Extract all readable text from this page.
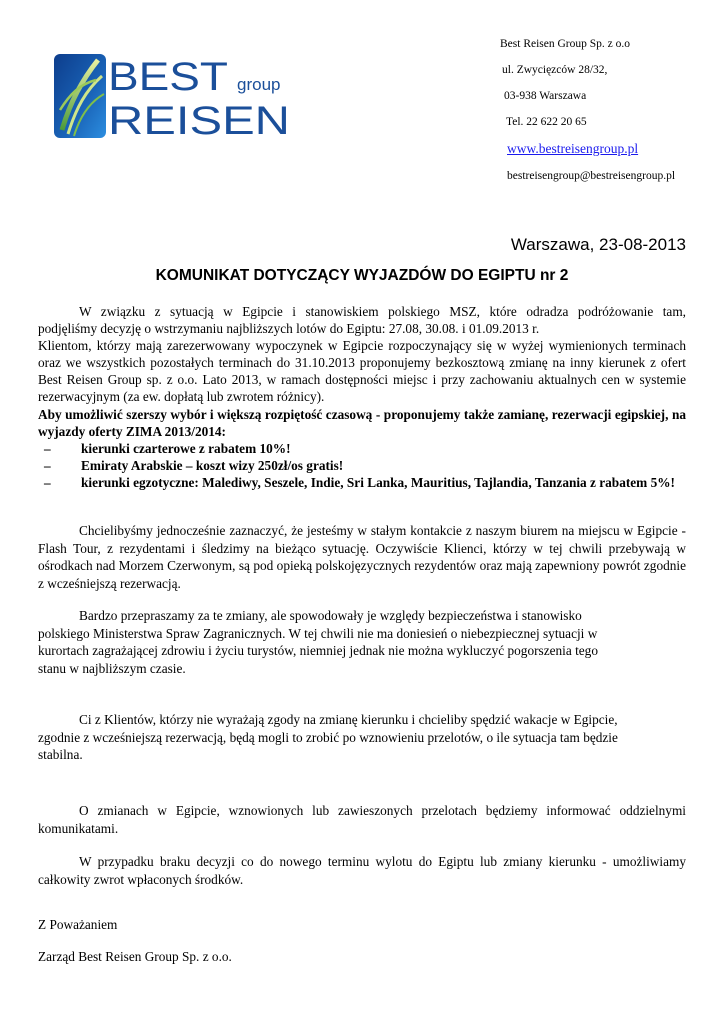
BEST group
REISEN
Best Reisen Group Sp. z o.o
ul. Zwycięzców 28/32,
03-938 Warszawa
Tel. 22 622 20 65
www.bestreisengroup.pl
bestreisengroup@bestreisengroup.pl
Warszawa, 23-08-2013
KOMUNIKAT DOTYCZĄCY WYJAZDÓW DO EGIPTU nr 2
W związku z sytuacją w Egipcie i stanowiskiem polskiego MSZ, które odradza podróżowanie tam,
podjęliśmy decyzję o wstrzymaniu najbliższych lotów do Egiptu: 27.08, 30.08. i 01.09.2013 r.
Klientom, którzy mają zarezerwowany wypoczynek w Egipcie rozpoczynający się w wyżej wymienionych terminach oraz we wszystkich pozostałych terminach do 31.10.2013 proponujemy bezkosztową zmianę na inny kierunek z ofert Best Reisen Group sp. z o.o. Lato 2013, w ramach dostępności miejsc i przy zachowaniu aktualnych cen w systemie rezerwacyjnym (za ew. dopłatą lub zwrotem różnicy).
Aby umożliwić szerszy wybór i większą rozpiętość czasową - proponujemy także zamianę, rezerwacji egipskiej, na wyjazdy oferty ZIMA 2013/2014:
– kierunki czarterowe z rabatem 10%!
– Emiraty Arabskie – koszt wizy 250zł/os gratis!
– kierunki egzotyczne: Malediwy, Seszele, Indie, Sri Lanka, Mauritius, Tajlandia, Tanzania z rabatem 5%!
Chcielibyśmy jednocześnie zaznaczyć, że jesteśmy w stałym kontakcie z naszym biurem na miejscu w Egipcie - Flash Tour, z rezydentami i śledzimy na bieżąco sytuację. Oczywiście Klienci, którzy w tej chwili przebywają w ośrodkach nad Morzem Czerwonym, są pod opieką polskojęzycznych rezydentów oraz mają zapewniony powrót zgodnie z wcześniejszą rezerwacją.
Bardzo przepraszamy za te zmiany, ale spowodowały je względy bezpieczeństwa i stanowisko
polskiego Ministerstwa Spraw Zagranicznych. W tej chwili nie ma doniesień o niebezpiecznej sytuacji w
kurortach zagrażającej zdrowiu i życiu turystów, niemniej jednak nie można wykluczyć pogorszenia tego
stanu w najbliższym czasie.
Ci z Klientów, którzy nie wyrażają zgody na zmianę kierunku i chcieliby spędzić wakacje w Egipcie,
zgodnie z wcześniejszą rezerwacją, będą mogli to zrobić po wznowieniu przelotów, o ile sytuacja tam będzie
stabilna.
O zmianach w Egipcie, wznowionych lub zawieszonych przelotach będziemy informować oddzielnymi komunikatami.
W przypadku braku decyzji co do nowego terminu wylotu do Egiptu lub zmiany kierunku - umożliwiamy całkowity zwrot wpłaconych środków.
Z Poważaniem
Zarząd Best Reisen Group Sp. z o.o.
